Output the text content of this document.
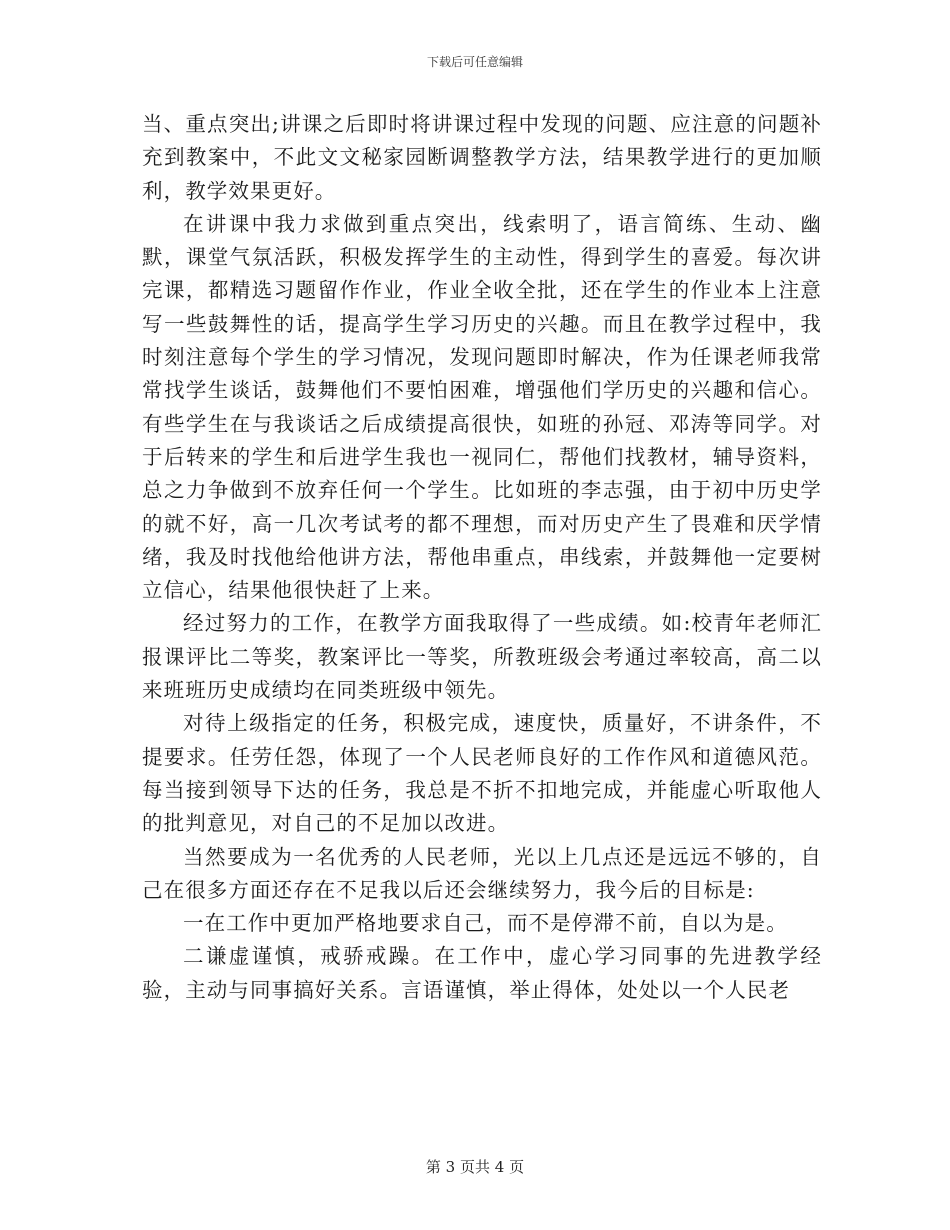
下载后可任意编辑

当、重点突出;讲课之后即时将讲课过程中发现的问题、应注意的问题补充到教案中，不此文文秘家园断调整教学方法，结果教学进行的更加顺利，教学效果更好。

在讲课中我力求做到重点突出，线索明了，语言简练、生动、幽默，课堂气氛活跃，积极发挥学生的主动性，得到学生的喜爱。每次讲完课，都精选习题留作作业，作业全收全批，还在学生的作业本上注意写一些鼓舞性的话，提高学生学习历史的兴趣。而且在教学过程中，我时刻注意每个学生的学习情况，发现问题即时解决，作为任课老师我常常找学生谈话，鼓舞他们不要怕困难，增强他们学历史的兴趣和信心。有些学生在与我谈话之后成绩提高很快，如班的孙冠、邓涛等同学。对于后转来的学生和后进学生我也一视同仁，帮他们找教材，辅导资料，总之力争做到不放弃任何一个学生。比如班的李志强，由于初中历史学的就不好，高一几次考试考的都不理想，而对历史产生了畏难和厌学情绪，我及时找他给他讲方法，帮他串重点，串线索，并鼓舞他一定要树立信心，结果他很快赶了上来。

经过努力的工作，在教学方面我取得了一些成绩。如:校青年老师汇报课评比二等奖，教案评比一等奖，所教班级会考通过率较高，高二以来班班历史成绩均在同类班级中领先。

对待上级指定的任务，积极完成，速度快，质量好，不讲条件，不提要求。任劳任怨，体现了一个人民老师良好的工作作风和道德风范。每当接到领导下达的任务，我总是不折不扣地完成，并能虚心听取他人的批判意见，对自己的不足加以改进。

当然要成为一名优秀的人民老师，光以上几点还是远远不够的，自己在很多方面还存在不足我以后还会继续努力，我今后的目标是:

一在工作中更加严格地要求自己，而不是停滞不前，自以为是。

二谦虚谨慎，戒骄戒躁。在工作中，虚心学习同事的先进教学经验，主动与同事搞好关系。言语谨慎，举止得体，处处以一个人民老

第 3 页共 4 页
